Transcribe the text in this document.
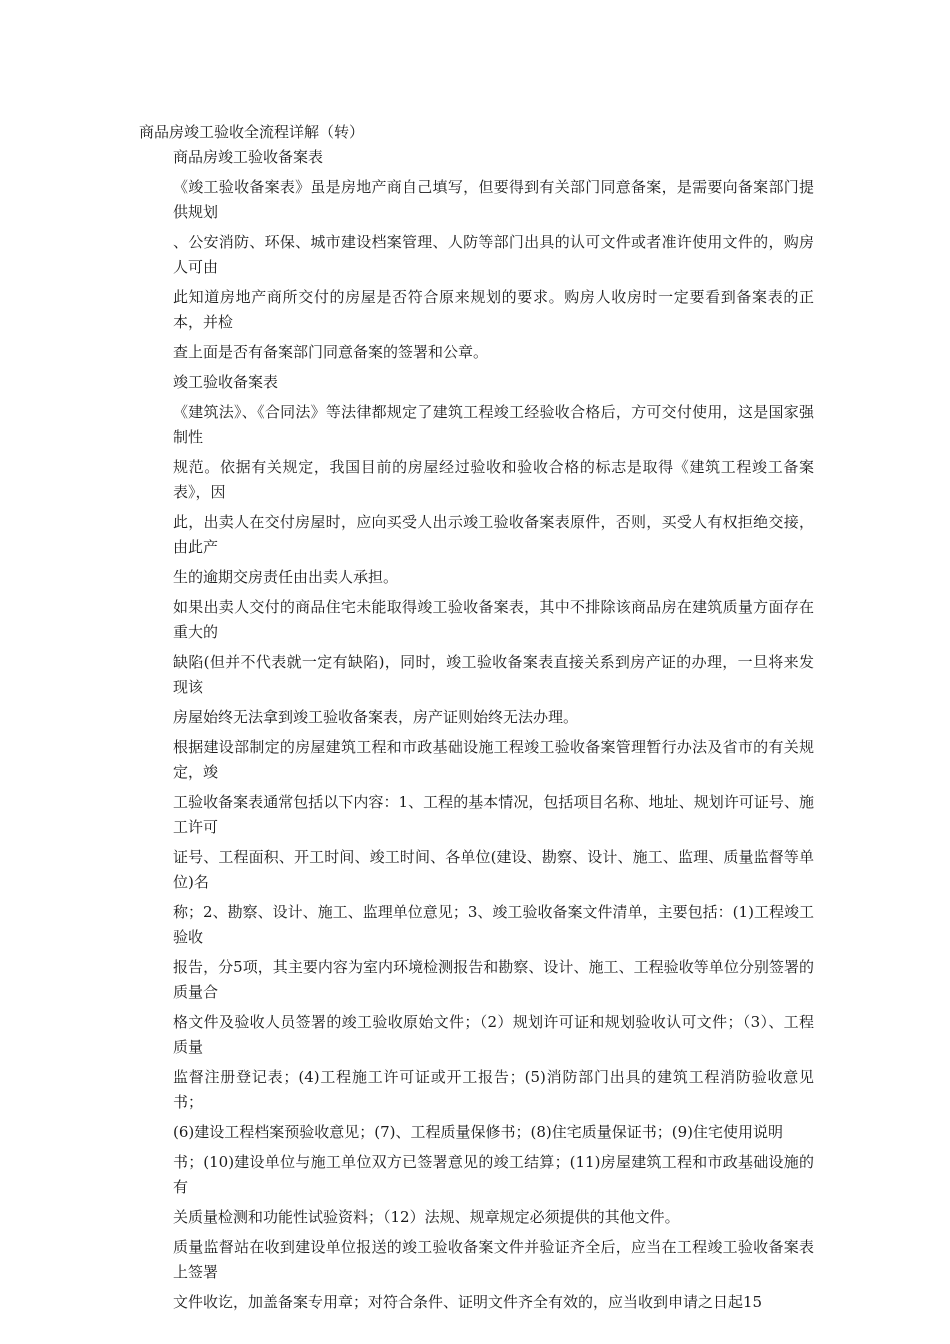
商品房竣工验收全流程详解（转）

商品房竣工验收备案表

《竣工验收备案表》虽是房地产商自己填写，但要得到有关部门同意备案，是需要向备案部门提供规划

、公安消防、环保、城市建设档案管理、人防等部门出具的认可文件或者准许使用文件的，购房人可由

此知道房地产商所交付的房屋是否符合原来规划的要求。购房人收房时一定要看到备案表的正本，并检

查上面是否有备案部门同意备案的签署和公章。

竣工验收备案表

《建筑法》、《合同法》等法律都规定了建筑工程竣工经验收合格后，方可交付使用，这是国家强制性

规范。依据有关规定，我国目前的房屋经过验收和验收合格的标志是取得《建筑工程竣工备案表》，因

此，出卖人在交付房屋时，应向买受人出示竣工验收备案表原件，否则，买受人有权拒绝交接，由此产

生的逾期交房责任由出卖人承担。

如果出卖人交付的商品住宅未能取得竣工验收备案表，其中不排除该商品房在建筑质量方面存在重大的

缺陷(但并不代表就一定有缺陷)，同时，竣工验收备案表直接关系到房产证的办理，一旦将来发现该

房屋始终无法拿到竣工验收备案表，房产证则始终无法办理。

根据建设部制定的房屋建筑工程和市政基础设施工程竣工验收备案管理暂行办法及省市的有关规定，竣

工验收备案表通常包括以下内容：1、工程的基本情况，包括项目名称、地址、规划许可证号、施工许可

证号、工程面积、开工时间、竣工时间、各单位(建设、勘察、设计、施工、监理、质量监督等单位)名

称；2、勘察、设计、施工、监理单位意见；3、竣工验收备案文件清单，主要包括：(1)工程竣工验收

报告，分5项，其主要内容为室内环境检测报告和勘察、设计、施工、工程验收等单位分别签署的质量合

格文件及验收人员签署的竣工验收原始文件；（2）规划许可证和规划验收认可文件；（3）、工程质量

监督注册登记表；(4)工程施工许可证或开工报告；(5)消防部门出具的建筑工程消防验收意见书；

(6)建设工程档案预验收意见；(7)、工程质量保修书；(8)住宅质量保证书；(9)住宅使用说明

书；(10)建设单位与施工单位双方已签署意见的竣工结算；(11)房屋建筑工程和市政基础设施的有

关质量检测和功能性试验资料；（12）法规、规章规定必须提供的其他文件。

质量监督站在收到建设单位报送的竣工验收备案文件并验证齐全后，应当在工程竣工验收备案表上签署

文件收讫，加盖备案专用章；对符合条件、证明文件齐全有效的，应当收到申请之日起15
